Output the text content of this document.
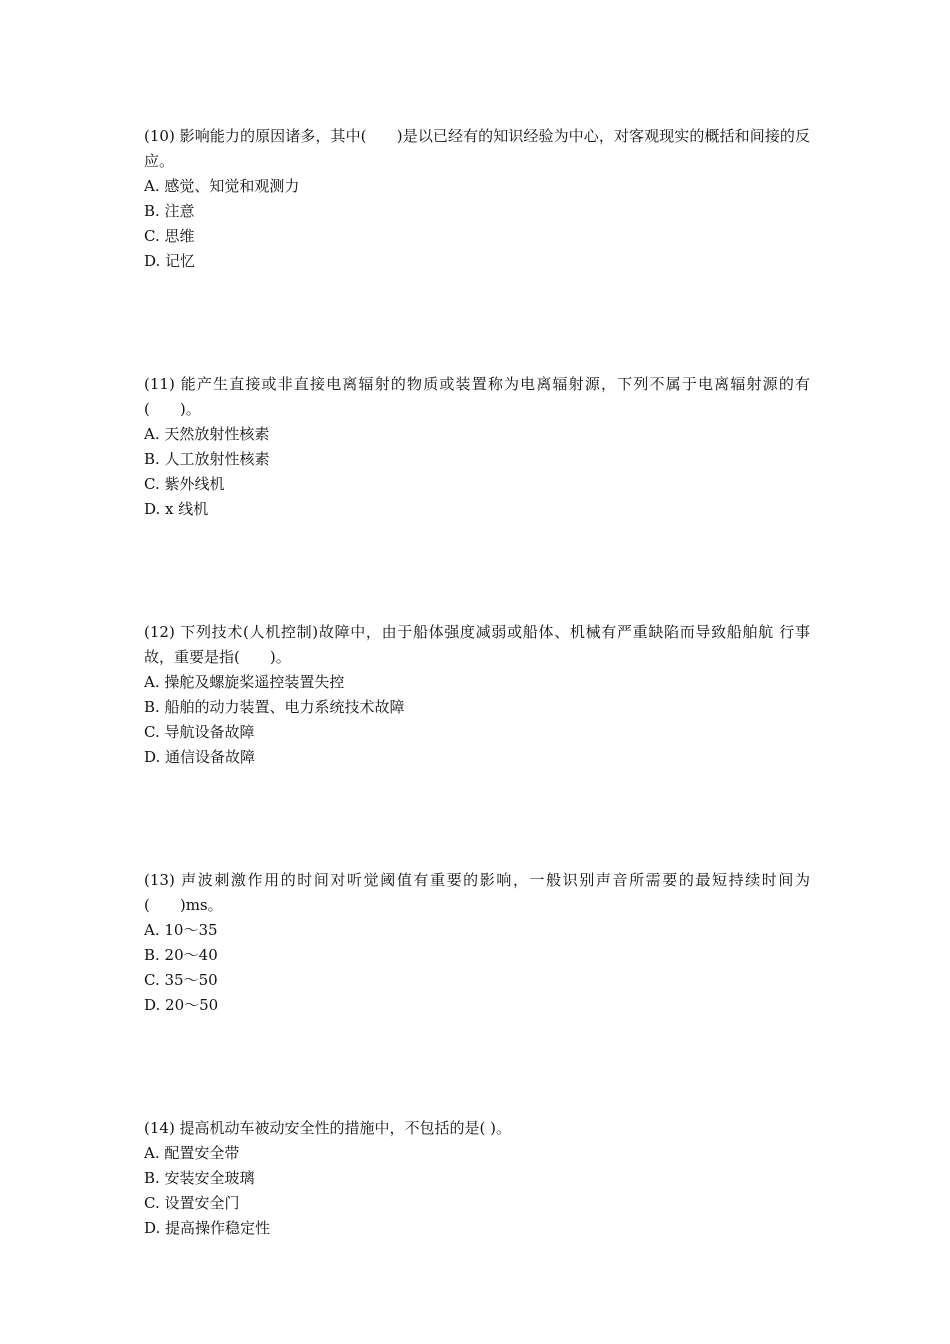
(10) 影响能力的原因诸多，其中(　　)是以已经有的知识经验为中心，对客观现实的概括和间接的反应。

A. 感觉、知觉和观测力

B. 注意

C. 思维

D. 记忆

(11) 能产生直接或非直接电离辐射的物质或装置称为电离辐射源，下列不属于电离辐射源的有(　　)。

A. 天然放射性核素

B. 人工放射性核素

C. 紫外线机

D. x 线机

(12) 下列技术(人机控制)故障中，由于船体强度减弱或船体、机械有严重缺陷而导致船舶航 行事故，重要是指(　　)。

A. 操舵及螺旋桨遥控装置失控

B. 船舶的动力装置、电力系统技术故障

C. 导航设备故障

D. 通信设备故障

(13) 声波刺激作用的时间对听觉阈值有重要的影响，一般识别声音所需要的最短持续时间为(　　)ms。

A. 10～35

B. 20～40

C. 35～50

D. 20～50

(14) 提高机动车被动安全性的措施中，不包括的是( )。

A. 配置安全带

B. 安装安全玻璃

C. 设置安全门

D. 提高操作稳定性
